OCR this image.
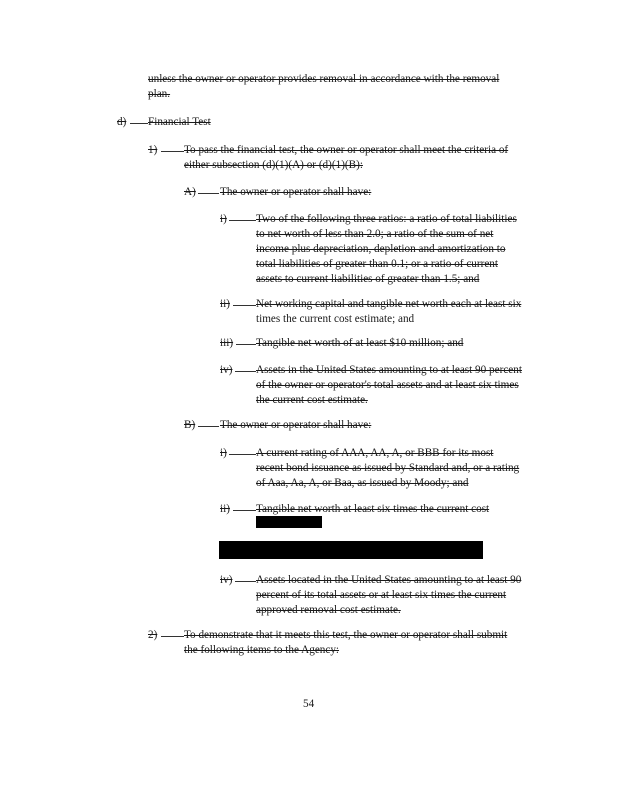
unless the owner or operator provides removal in accordance with the removal
plan.
d) Financial Test
1) To pass the financial test, the owner or operator shall meet the criteria of
either subsection (d)(1)(A) or (d)(1)(B):
A) The owner or operator shall have:
i)	Two of the following three ratios: a ratio of total liabilities
to net worth of less than 2.0; a ratio of the sum of net
income plus depreciation, depletion and amortization to
total liabilities of greater than 0.1; or a ratio of current
assets to current liabilities of greater than 1.5; and
ii) Net working capital and tangible net worth each at least six
times the current cost estimate; and
iii) Tangible net worth of at least $10 million; and
iv) Assets in the United States amounting to at least 90 percent
of the owner or operator's total assets and at least six times
the current cost estimate.
B) The owner or operator shall have:
i)	A current rating of AAA, AA, A, or BBB for its most
recent bond issuance as issued by Standard and, or a rating
of Aaa, Aa, A, or Baa, as issued by Moody; and
ii) Tangible net worth at least six times the current cost
iv) Assets located in the United States amounting to at least 90
percent of its total assets or at least six times the current
approved removal cost estimate.
2) To demonstrate that it meets this test, the owner or operator shall submit
the following items to the Agency:
54
